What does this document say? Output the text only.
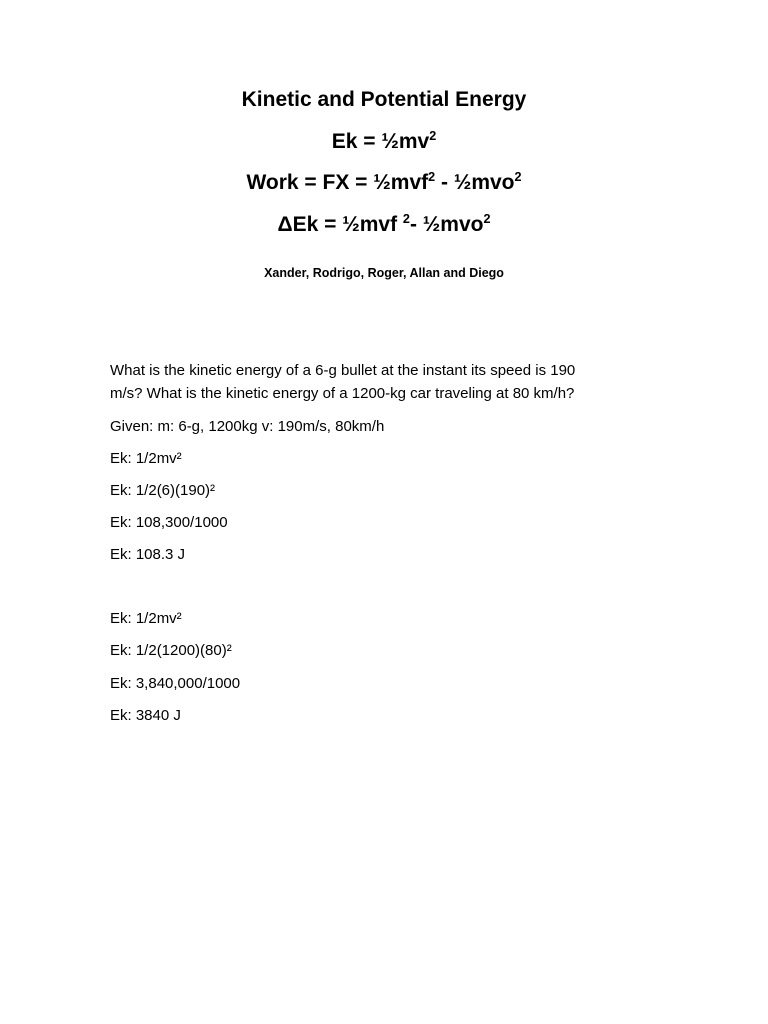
Kinetic and Potential Energy
$Ek = \frac{1}{2}mv^2$
Work = FX = ½mvf$^2$ - ½mvo$^2$
ΔEk = ½mvf $^2$- ½mvo$^2$
Xander, Rodrigo, Roger, Allan and Diego
What is the kinetic energy of a 6-g bullet at the instant its speed is 190
m/s? What is the kinetic energy of a 1200-kg car traveling at 80 km/h?
Given: m: 6-g, 1200kg v: 190m/s, 80km/h
Ek: 1/2mv²
Ek: 1/2(6)(190)²
Ek: 108,300/1000
Ek: 108.3 J
Ek: 1/2mv²
Ek: 1/2(1200)(80)²
Ek: 3,840,000/1000
Ek: 3840 J
